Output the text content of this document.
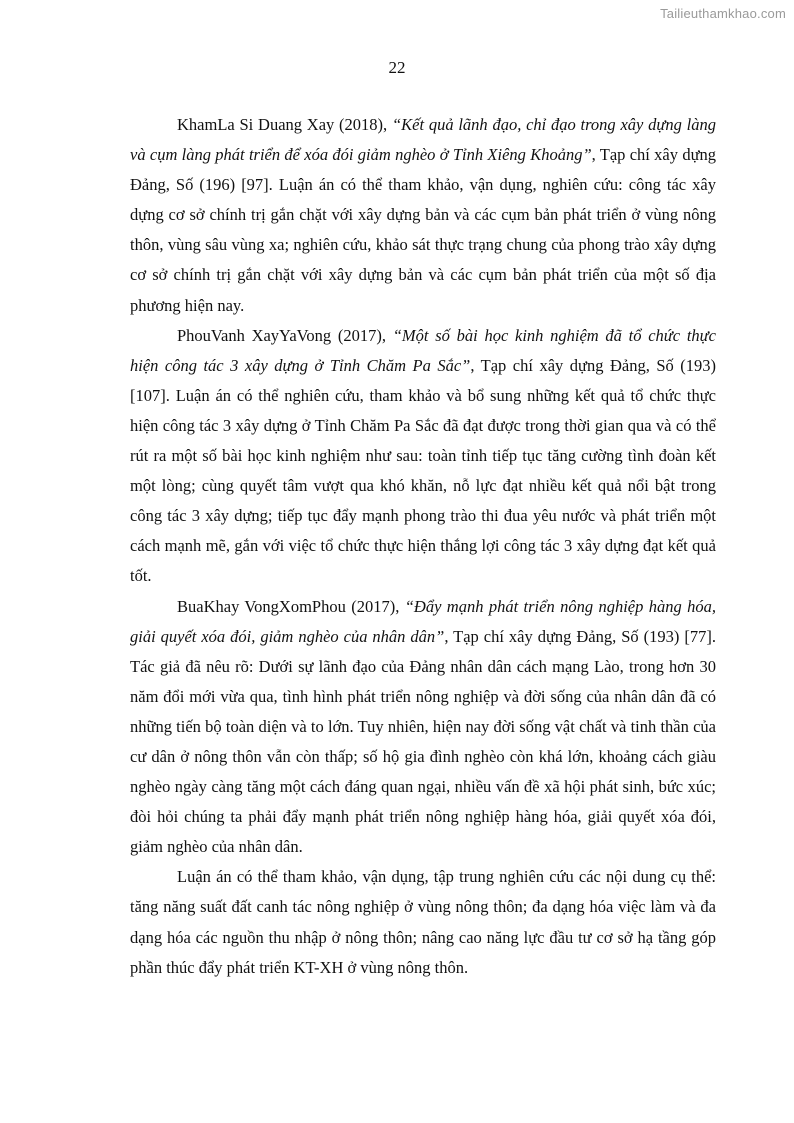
Tailieuthamkhao.com
22

KhamLa Si Duang Xay (2018), “Kết quả lãnh đạo, chỉ đạo trong xây dựng làng và cụm làng phát triển để xóa đói giảm nghèo ở Tỉnh Xiêng Khoảng”, Tạp chí xây dựng Đảng, Số (196) [97]. Luận án có thể tham khảo, vận dụng, nghiên cứu: công tác xây dựng cơ sở chính trị gắn chặt với xây dựng bản và các cụm bản phát triển ở vùng nông thôn, vùng sâu vùng xa; nghiên cứu, khảo sát thực trạng chung của phong trào xây dựng cơ sở chính trị gắn chặt với xây dựng bản và các cụm bản phát triển của một số địa phương hiện nay.

PhouVanh XayYaVong (2017), “Một số bài học kinh nghiệm đã tổ chức thực hiện công tác 3 xây dựng ở Tỉnh Chăm Pa Sắc”, Tạp chí xây dựng Đảng, Số (193) [107]. Luận án có thể nghiên cứu, tham khảo và bổ sung những kết quả tổ chức thực hiện công tác 3 xây dựng ở Tỉnh Chăm Pa Sắc đã đạt được trong thời gian qua và có thể rút ra một số bài học kinh nghiệm như sau: toàn tỉnh tiếp tục tăng cường tình đoàn kết một lòng; cùng quyết tâm vượt qua khó khăn, nỗ lực đạt nhiều kết quả nổi bật trong công tác 3 xây dựng; tiếp tục đẩy mạnh phong trào thi đua yêu nước và phát triển một cách mạnh mẽ, gắn với việc tổ chức thực hiện thắng lợi công tác 3 xây dựng đạt kết quả tốt.

BuaKhay VongXomPhou (2017), “Đẩy mạnh phát triển nông nghiệp hàng hóa, giải quyết xóa đói, giảm nghèo của nhân dân”, Tạp chí xây dựng Đảng, Số (193) [77]. Tác giả đã nêu rõ: Dưới sự lãnh đạo của Đảng nhân dân cách mạng Lào, trong hơn 30 năm đổi mới vừa qua, tình hình phát triển nông nghiệp và đời sống của nhân dân đã có những tiến bộ toàn diện và to lớn. Tuy nhiên, hiện nay đời sống vật chất và tinh thần của cư dân ở nông thôn vẫn còn thấp; số hộ gia đình nghèo còn khá lớn, khoảng cách giàu nghèo ngày càng tăng một cách đáng quan ngại, nhiều vấn đề xã hội phát sinh, bức xúc; đòi hỏi chúng ta phải đẩy mạnh phát triển nông nghiệp hàng hóa, giải quyết xóa đói, giảm nghèo của nhân dân.

Luận án có thể tham khảo, vận dụng, tập trung nghiên cứu các nội dung cụ thể: tăng năng suất đất canh tác nông nghiệp ở vùng nông thôn; đa dạng hóa việc làm và đa dạng hóa các nguồn thu nhập ở nông thôn; nâng cao năng lực đầu tư cơ sở hạ tầng góp phần thúc đẩy phát triển KT-XH ở vùng nông thôn.
